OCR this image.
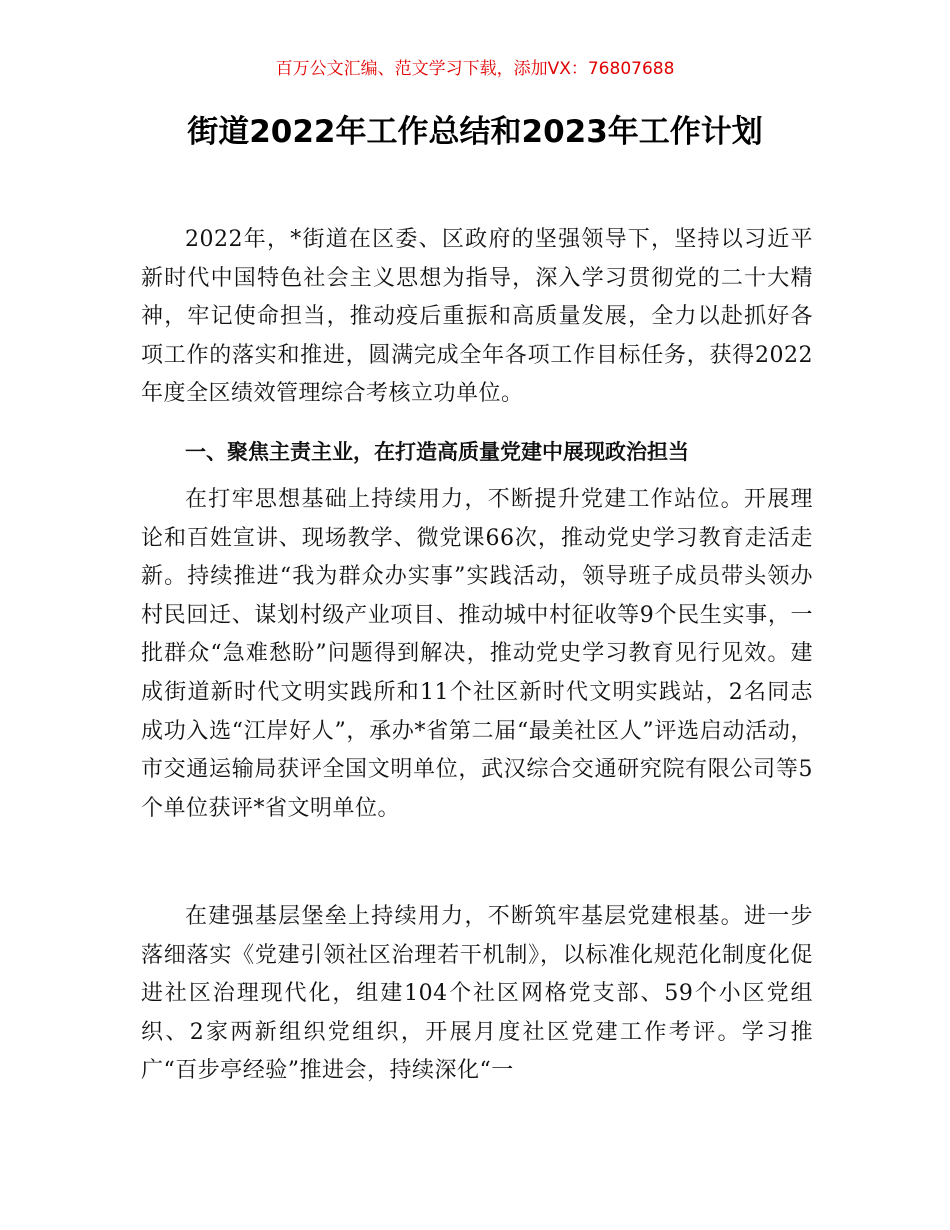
百万公文汇编、范文学习下载，添加VX：76807688
街道2022年工作总结和2023年工作计划

2022年，*街道在区委、区政府的坚强领导下，坚持以习近平新时代中国特色社会主义思想为指导，深入学习贯彻党的二十大精神，牢记使命担当，推动疫后重振和高质量发展，全力以赴抓好各项工作的落实和推进，圆满完成全年各项工作目标任务，获得2022年度全区绩效管理综合考核立功单位。

一、聚焦主责主业，在打造高质量党建中展现政治担当

在打牢思想基础上持续用力，不断提升党建工作站位。开展理论和百姓宣讲、现场教学、微党课66次，推动党史学习教育走活走新。持续推进“我为群众办实事”实践活动，领导班子成员带头领办村民回迁、谋划村级产业项目、推动城中村征收等9个民生实事，一批群众“急难愁盼”问题得到解决，推动党史学习教育见行见效。建成街道新时代文明实践所和11个社区新时代文明实践站，2名同志成功入选“江岸好人”，承办*省第二届“最美社区人”评选启动活动，市交通运输局获评全国文明单位，武汉综合交通研究院有限公司等5个单位获评*省文明单位。

在建强基层堡垒上持续用力，不断筑牢基层党建根基。进一步落细落实《党建引领社区治理若干机制》，以标准化规范化制度化促进社区治理现代化，组建104个社区网格党支部、59个小区党组织、2家两新组织党组织，开展月度社区党建工作考评。学习推广“百步亭经验”推进会，持续深化“一
